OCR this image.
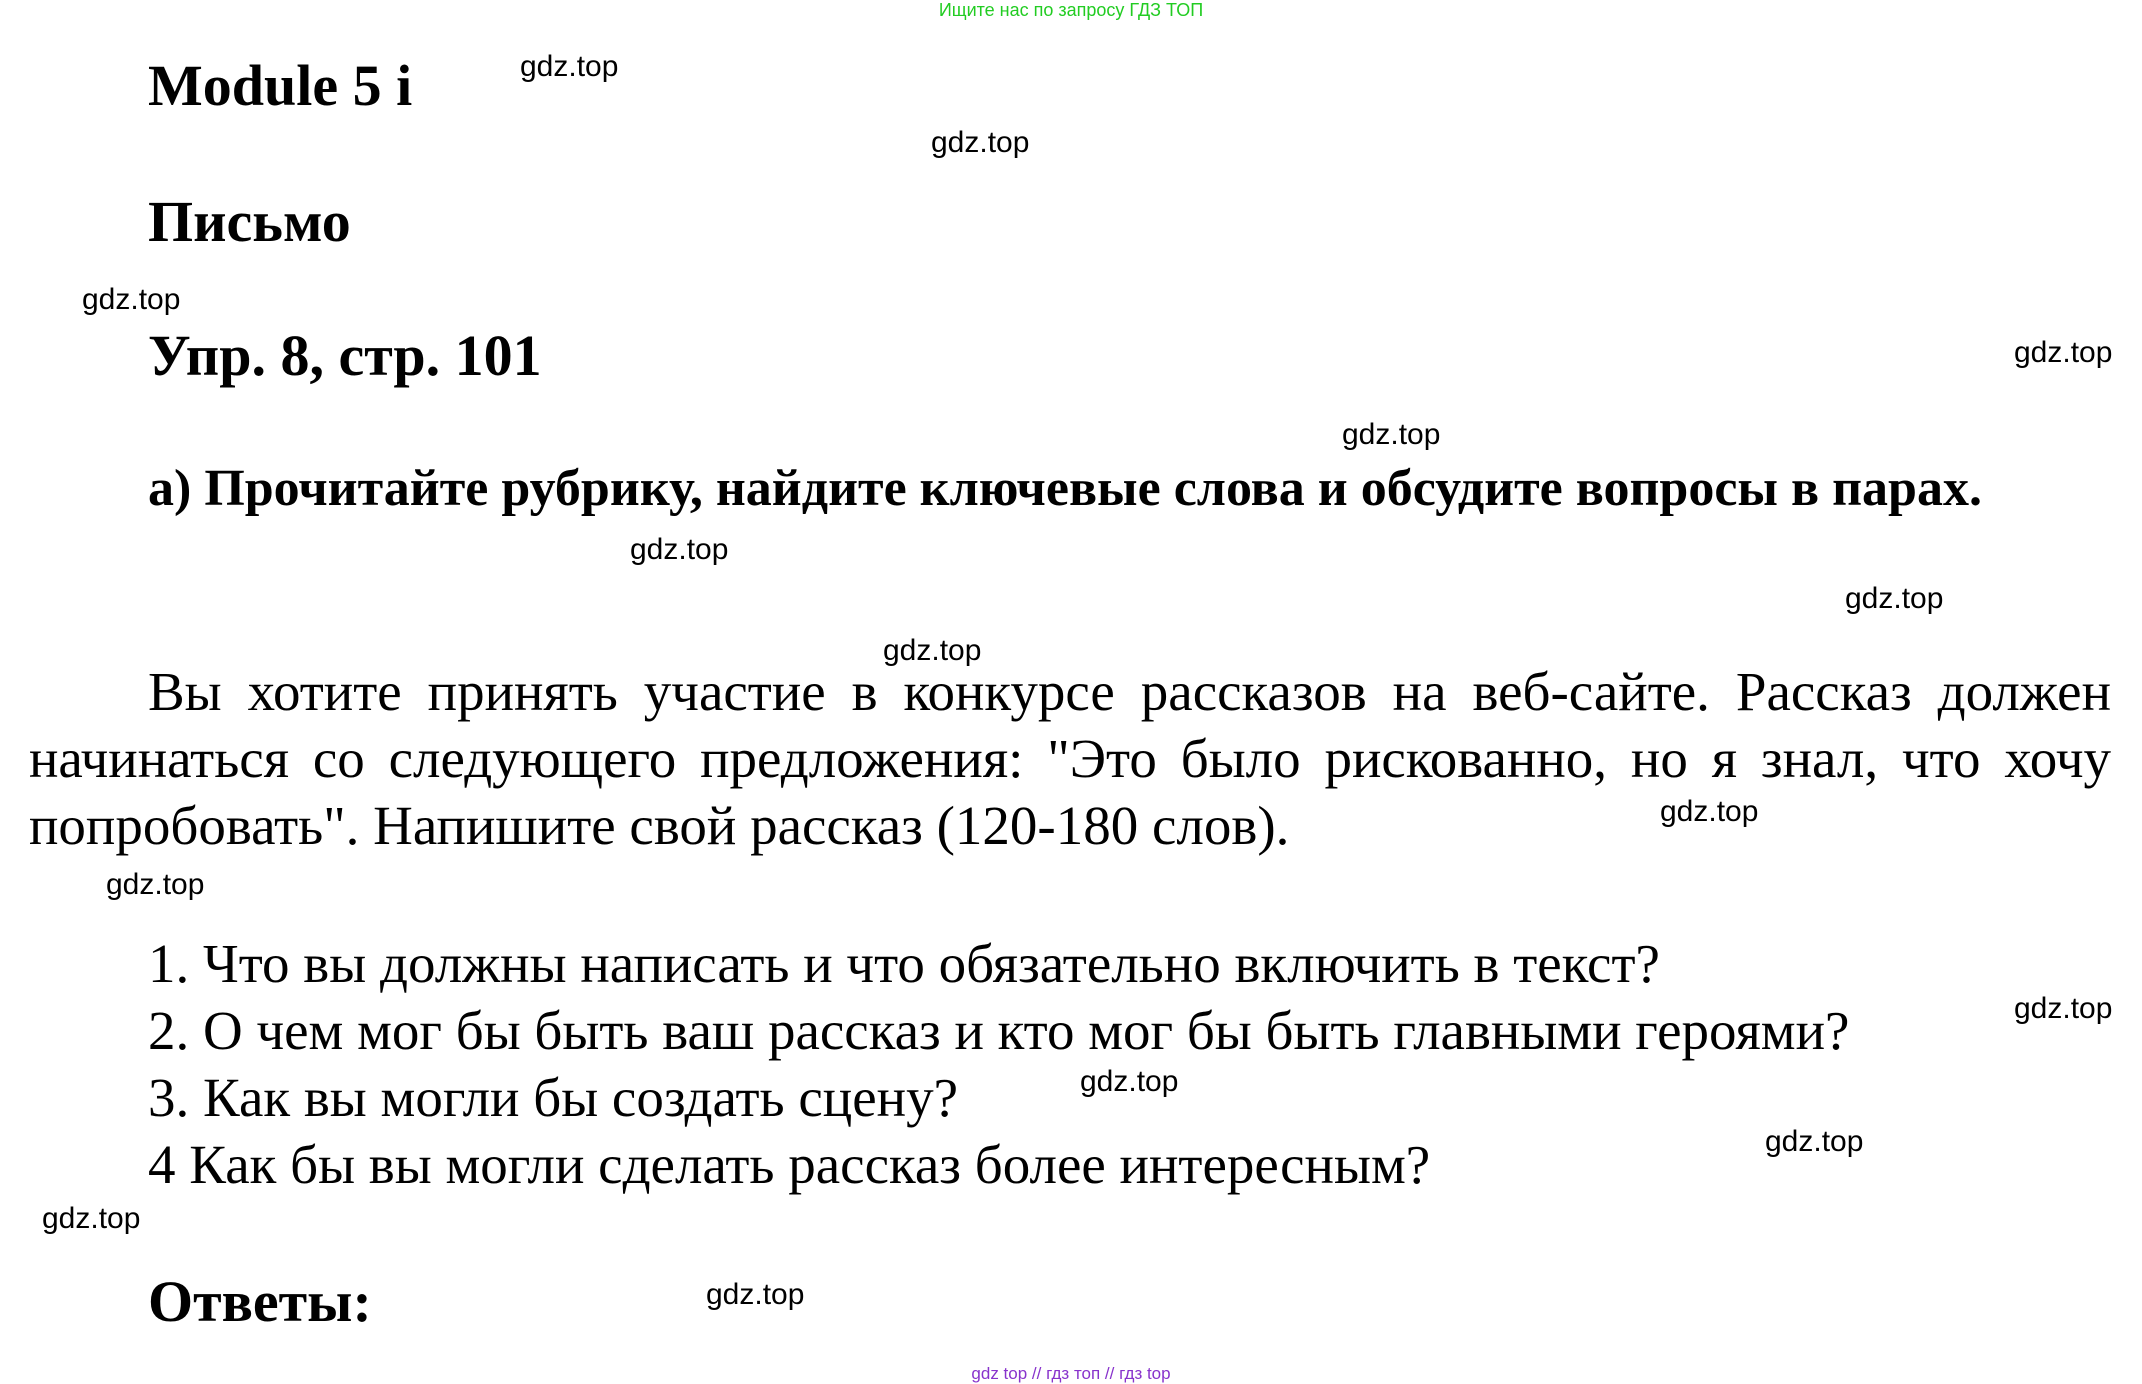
Ищите нас по запросу ГДЗ ТОП
Module 5 i
Письмо
Упр. 8, стр. 101

а) Прочитайте рубрику, найдите ключевые слова и обсудите вопросы в парах.

Вы хотите принять участие в конкурсе рассказов на веб-сайте. Рассказ должен начинаться со следующего предложения: "Это было рискованно, но я знал, что хочу попробовать". Напишите свой рассказ (120-180 слов).

1. Что вы должны написать и что обязательно включить в текст?
2. О чем мог бы быть ваш рассказ и кто мог бы быть главными героями?
3. Как вы могли бы создать сцену?
4 Как бы вы могли сделать рассказ более интересным?
Ответы:
gdz.top
gdz.top
gdz.top
gdz.top
gdz.top
gdz.top
gdz.top
gdz.top
gdz.top
gdz.top
gdz.top
gdz.top
gdz.top
gdz.top
gdz.top
gdz top // гдз топ // гдз top
